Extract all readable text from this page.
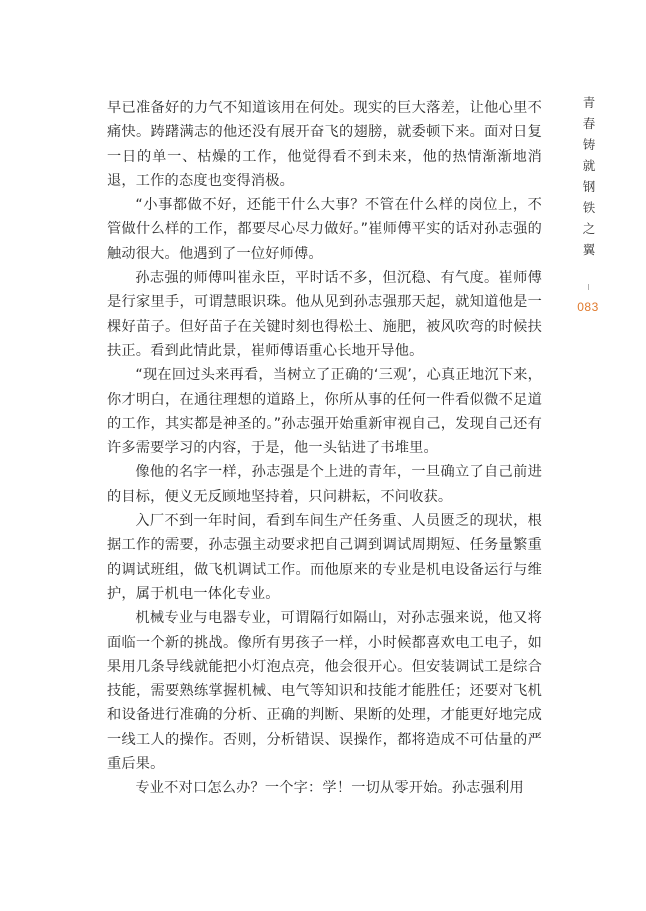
早已准备好的力气不知道该用在何处。现实的巨大落差，让他心里不痛快。踌躇满志的他还没有展开奋飞的翅膀，就委顿下来。面对日复一日的单一、枯燥的工作，他觉得看不到未来，他的热情渐渐地消退，工作的态度也变得消极。

“小事都做不好，还能干什么大事？不管在什么样的岗位上，不管做什么样的工作，都要尽心尽力做好。”崔师傅平实的话对孙志强的触动很大。他遇到了一位好师傅。

孙志强的师傅叫崔永臣，平时话不多，但沉稳、有气度。崔师傅是行家里手，可谓慧眼识珠。他从见到孙志强那天起，就知道他是一棵好苗子。但好苗子在关键时刻也得松土、施肥，被风吹弯的时候扶扶正。看到此情此景，崔师傅语重心长地开导他。

“现在回过头来再看，当树立了正确的‘三观’，心真正地沉下来，你才明白，在通往理想的道路上，你所从事的任何一件看似微不足道的工作，其实都是神圣的。”孙志强开始重新审视自己，发现自己还有许多需要学习的内容，于是，他一头钻进了书堆里。

像他的名字一样，孙志强是个上进的青年，一旦确立了自己前进的目标，便义无反顾地坚持着，只问耕耘，不问收获。

入厂不到一年时间，看到车间生产任务重、人员匮乏的现状，根据工作的需要，孙志强主动要求把自己调到调试周期短、任务量繁重的调试班组，做飞机调试工作。而他原来的专业是机电设备运行与维护，属于机电一体化专业。

机械专业与电器专业，可谓隔行如隔山，对孙志强来说，他又将面临一个新的挑战。像所有男孩子一样，小时候都喜欢电工电子，如果用几条导线就能把小灯泡点亮，他会很开心。但安装调试工是综合技能，需要熟练掌握机械、电气等知识和技能才能胜任；还要对飞机和设备进行准确的分析、正确的判断、果断的处理，才能更好地完成一线工人的操作。否则，分析错误、误操作，都将造成不可估量的严重后果。

专业不对口怎么办？一个字：学！一切从零开始。孙志强利用

青春铸就钢铁之翼
083
